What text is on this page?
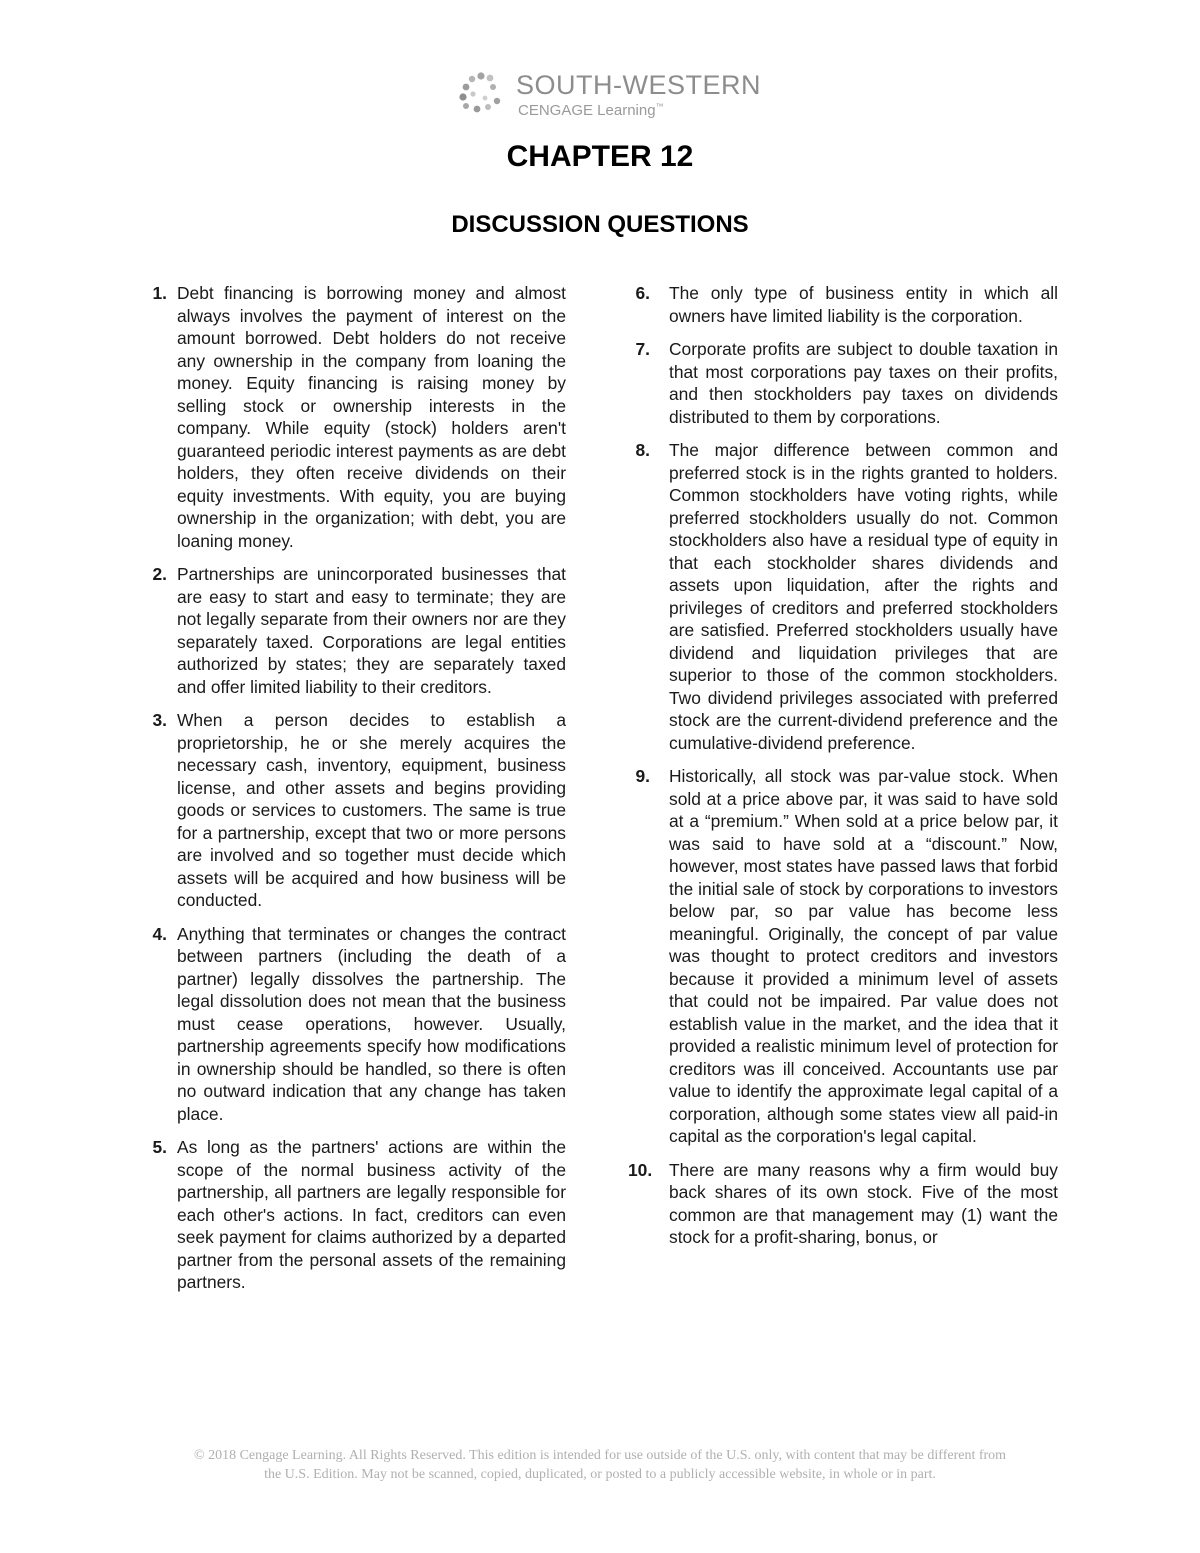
SOUTH-WESTERN
CENGAGE Learning™
CHAPTER 12
DISCUSSION QUESTIONS
1. Debt financing is borrowing money and almost always involves the payment of interest on the amount borrowed. Debt holders do not receive any ownership in the company from loaning the money. Equity financing is raising money by selling stock or ownership interests in the company. While equity (stock) holders aren't guaranteed periodic interest payments as are debt holders, they often receive dividends on their equity investments. With equity, you are buying ownership in the organization; with debt, you are loaning money.
2. Partnerships are unincorporated businesses that are easy to start and easy to terminate; they are not legally separate from their owners nor are they separately taxed. Corporations are legal entities authorized by states; they are separately taxed and offer limited liability to their creditors.
3. When a person decides to establish a proprietorship, he or she merely acquires the necessary cash, inventory, equipment, business license, and other assets and begins providing goods or services to customers. The same is true for a partnership, except that two or more persons are involved and so together must decide which assets will be acquired and how business will be conducted.
4. Anything that terminates or changes the contract between partners (including the death of a partner) legally dissolves the partnership. The legal dissolution does not mean that the business must cease operations, however. Usually, partnership agreements specify how modifications in ownership should be handled, so there is often no outward indication that any change has taken place.
5. As long as the partners' actions are within the scope of the normal business activity of the partnership, all partners are legally responsible for each other's actions. In fact, creditors can even seek payment for claims authorized by a departed partner from the personal assets of the remaining partners.
6. The only type of business entity in which all owners have limited liability is the corporation.
7. Corporate profits are subject to double taxation in that most corporations pay taxes on their profits, and then stockholders pay taxes on dividends distributed to them by corporations.
8. The major difference between common and preferred stock is in the rights granted to holders. Common stockholders have voting rights, while preferred stockholders usually do not. Common stockholders also have a residual type of equity in that each stockholder shares dividends and assets upon liquidation, after the rights and privileges of creditors and preferred stockholders are satisfied. Preferred stockholders usually have dividend and liquidation privileges that are superior to those of the common stockholders. Two dividend privileges associated with preferred stock are the current-dividend preference and the cumulative-dividend preference.
9. Historically, all stock was par-value stock. When sold at a price above par, it was said to have sold at a “premium.” When sold at a price below par, it was said to have sold at a “discount.” Now, however, most states have passed laws that forbid the initial sale of stock by corporations to investors below par, so par value has become less meaningful. Originally, the concept of par value was thought to protect creditors and investors because it provided a minimum level of assets that could not be impaired. Par value does not establish value in the market, and the idea that it provided a realistic minimum level of protection for creditors was ill conceived. Accountants use par value to identify the approximate legal capital of a corporation, although some states view all paid-in capital as the corporation's legal capital.
10. There are many reasons why a firm would buy back shares of its own stock. Five of the most common are that management may (1) want the stock for a profit-sharing, bonus, or
© 2018 Cengage Learning. All Rights Reserved. This edition is intended for use outside of the U.S. only, with content that may be different from
the U.S. Edition. May not be scanned, copied, duplicated, or posted to a publicly accessible website, in whole or in part.
